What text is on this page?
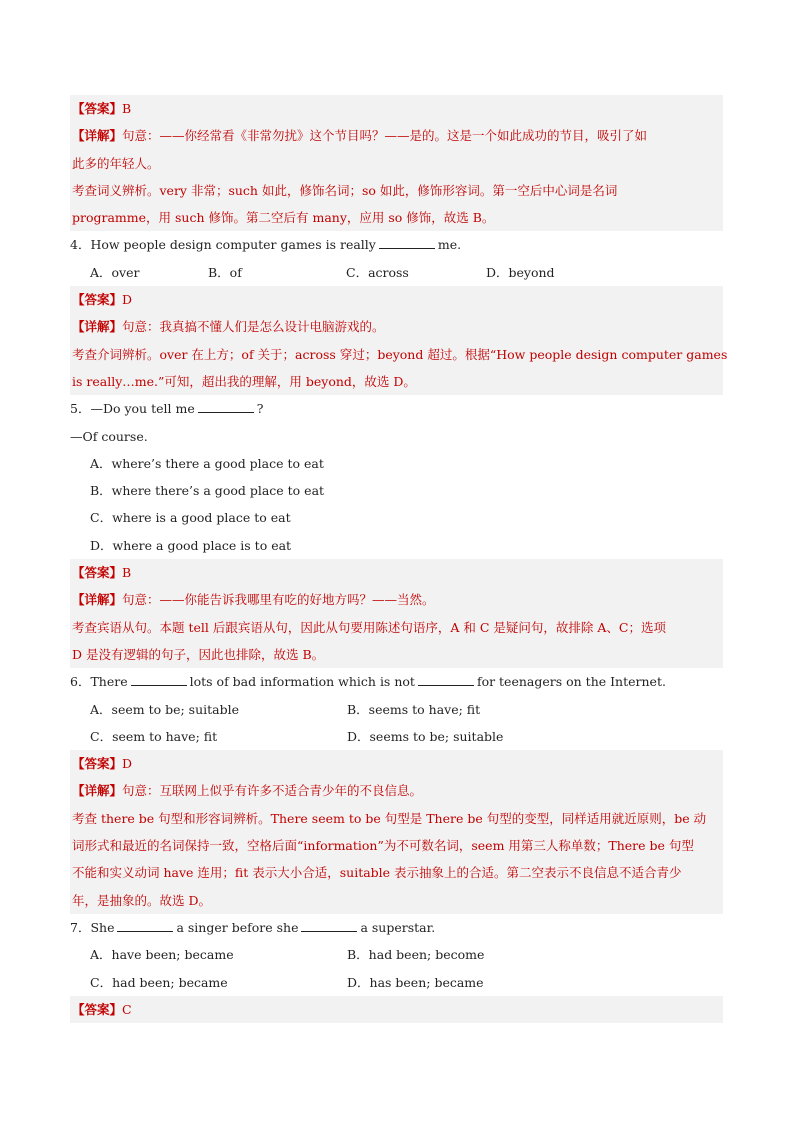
【答案】B
【详解】句意：——你经常看《非常勿扰》这个节目吗？——是的。这是一个如此成功的节目，吸引了如
此多的年轻人。
考查词义辨析。very 非常；such 如此，修饰名词；so 如此，修饰形容词。第一空后中心词是名词
programme，用 such 修饰。第二空后有 many，应用 so 修饰，故选 B。
4．How people design computer games is really	me.
A．over	B．of	C．across	D．beyond
【答案】D
【详解】句意：我真搞不懂人们是怎么设计电脑游戏的。
考查介词辨析。over 在上方；of 关于；across 穿过；beyond 超过。根据“How people design computer games
is really…me.”可知，超出我的理解，用 beyond，故选 D。
5．—Do you tell me	?
—Of course.
A．where’s there a good place to eat
B．where there’s a good place to eat
C．where is a good place to eat
D．where a good place is to eat
【答案】B
【详解】句意：——你能告诉我哪里有吃的好地方吗？——当然。
考查宾语从句。本题 tell 后跟宾语从句，因此从句要用陈述句语序，A 和 C 是疑问句，故排除 A、C；选项
D 是没有逻辑的句子，因此也排除，故选 B。
6．There	lots of bad information which is not	for teenagers on the Internet.
A．seem to be; suitable	B．seems to have; fit
C．seem to have; fit	D．seems to be; suitable
【答案】D
【详解】句意：互联网上似乎有许多不适合青少年的不良信息。
考查 there be 句型和形容词辨析。There seem to be 句型是 There be 句型的变型，同样适用就近原则，be 动
词形式和最近的名词保持一致，空格后面“information”为不可数名词，seem 用第三人称单数；There be 句型
不能和实义动词 have 连用；fit 表示大小合适，suitable 表示抽象上的合适。第二空表示不良信息不适合青少
年，是抽象的。故选 D。
7．She	a singer before she	a superstar.
A．have been; became	B．had been; become
C．had been; became	D．has been; became
【答案】C
